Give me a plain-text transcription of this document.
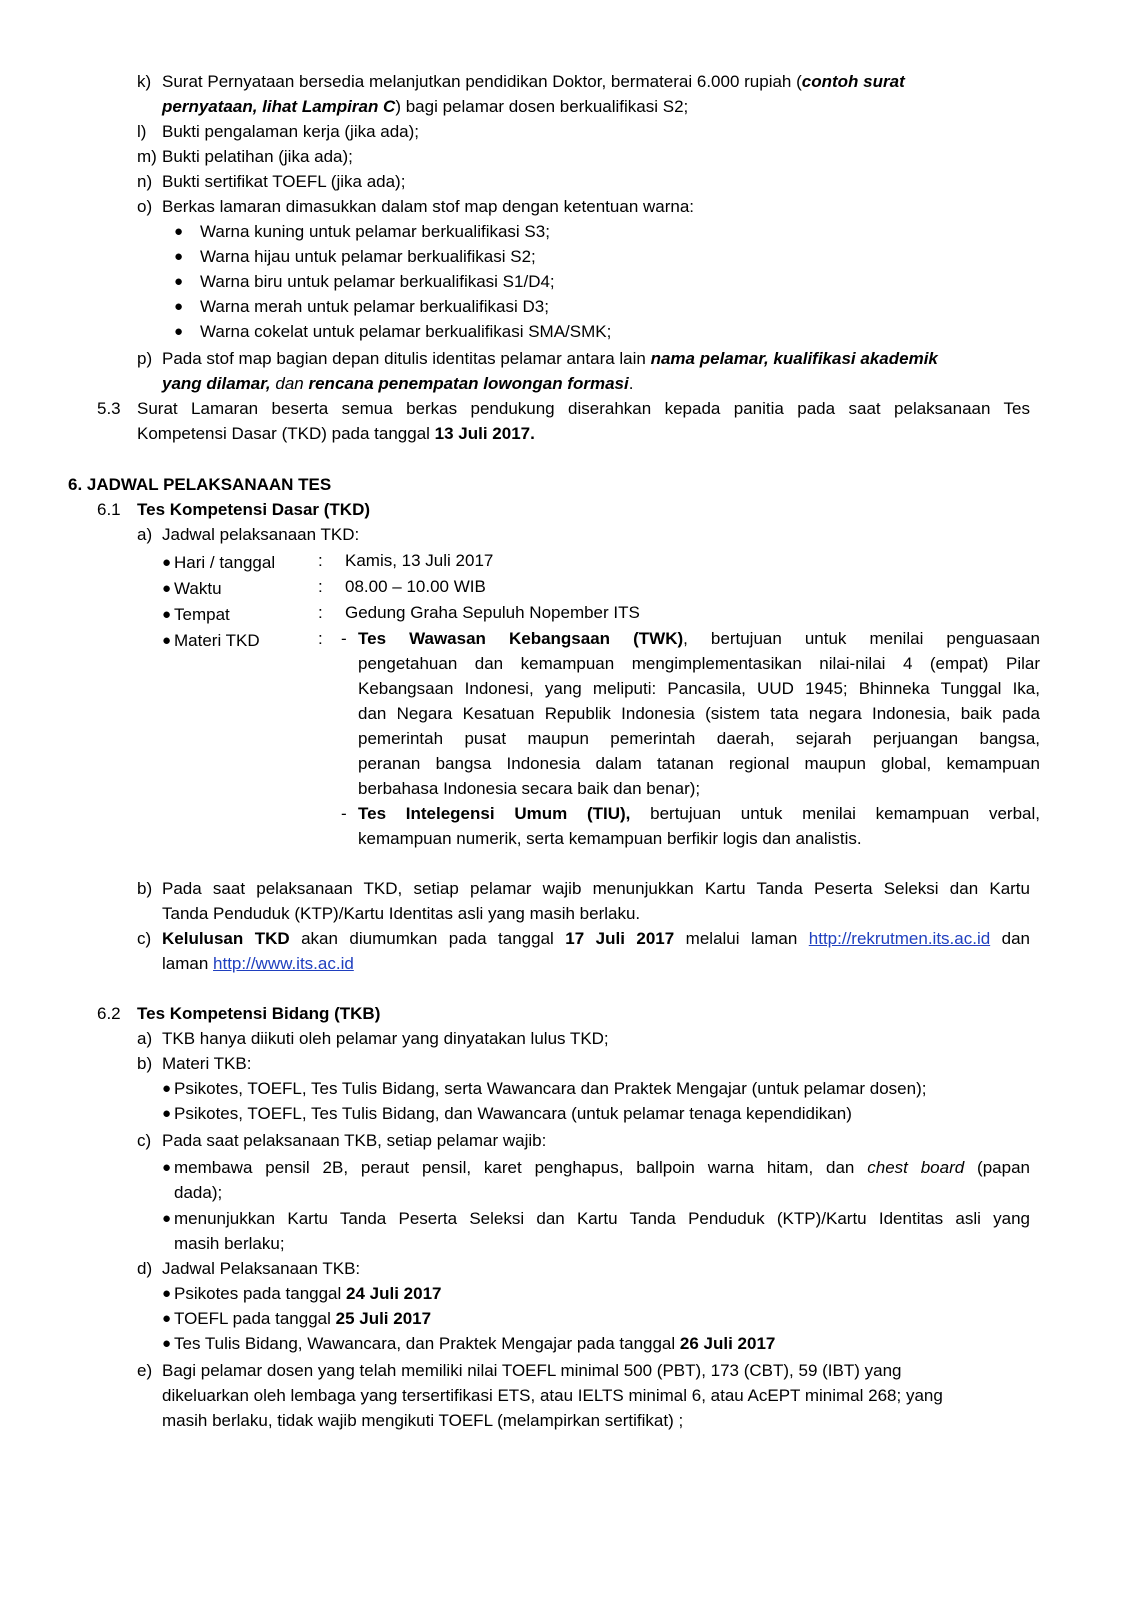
k) Surat Pernyataan bersedia melanjutkan pendidikan Doktor, bermaterai 6.000 rupiah (contoh surat
pernyataan, lihat Lampiran C) bagi pelamar dosen berkualifikasi S2;
l) Bukti pengalaman kerja (jika ada);
m) Bukti pelatihan (jika ada);
n) Bukti sertifikat TOEFL (jika ada);
o) Berkas lamaran dimasukkan dalam stof map dengan ketentuan warna:
● Warna kuning untuk pelamar berkualifikasi S3;
● Warna hijau untuk pelamar berkualifikasi S2;
● Warna biru untuk pelamar berkualifikasi S1/D4;
● Warna merah untuk pelamar berkualifikasi D3;
● Warna cokelat untuk pelamar berkualifikasi SMA/SMK;
p) Pada stof map bagian depan ditulis identitas pelamar antara lain nama pelamar, kualifikasi akademik
yang dilamar, dan rencana penempatan lowongan formasi.
5.3 Surat Lamaran beserta semua berkas pendukung diserahkan kepada panitia pada saat pelaksanaan Tes
Kompetensi Dasar (TKD) pada tanggal 13 Juli 2017.
6. JADWAL PELAKSANAAN TES
6.1 Tes Kompetensi Dasar (TKD)
a) Jadwal pelaksanaan TKD:
● Hari / tanggal	: Kamis, 13 Juli 2017
● Waktu	: 08.00 – 10.00 WIB
● Tempat	: Gedung Graha Sepuluh Nopember ITS
● Materi TKD	: - Tes Wawasan Kebangsaan (TWK), bertujuan untuk menilai penguasaan
pengetahuan dan kemampuan mengimplementasikan nilai-nilai 4 (empat) Pilar
Kebangsaan Indonesi, yang meliputi: Pancasila, UUD 1945; Bhinneka Tunggal Ika,
dan Negara Kesatuan Republik Indonesia (sistem tata negara Indonesia, baik pada
pemerintah pusat maupun pemerintah daerah, sejarah perjuangan bangsa,
peranan bangsa Indonesia dalam tatanan regional maupun global, kemampuan
berbahasa Indonesia secara baik dan benar);
- Tes Intelegensi Umum (TIU), bertujuan untuk menilai kemampuan verbal,
kemampuan numerik, serta kemampuan berfikir logis dan analistis.
b) Pada saat pelaksanaan TKD, setiap pelamar wajib menunjukkan Kartu Tanda Peserta Seleksi dan Kartu
Tanda Penduduk (KTP)/Kartu Identitas asli yang masih berlaku.
c) Kelulusan TKD akan diumumkan pada tanggal 17 Juli 2017 melalui laman http://rekrutmen.its.ac.id dan
laman http://www.its.ac.id
6.2 Tes Kompetensi Bidang (TKB)
a) TKB hanya diikuti oleh pelamar yang dinyatakan lulus TKD;
b) Materi TKB:
● Psikotes, TOEFL, Tes Tulis Bidang, serta Wawancara dan Praktek Mengajar (untuk pelamar dosen);
● Psikotes, TOEFL, Tes Tulis Bidang, dan Wawancara (untuk pelamar tenaga kependidikan)
c) Pada saat pelaksanaan TKB, setiap pelamar wajib:
● membawa pensil 2B, peraut pensil, karet penghapus, ballpoin warna hitam, dan chest board (papan
dada);
● menunjukkan Kartu Tanda Peserta Seleksi dan Kartu Tanda Penduduk (KTP)/Kartu Identitas asli yang
masih berlaku;
d) Jadwal Pelaksanaan TKB:
● Psikotes pada tanggal 24 Juli 2017
● TOEFL pada tanggal 25 Juli 2017
● Tes Tulis Bidang, Wawancara, dan Praktek Mengajar pada tanggal 26 Juli 2017
e) Bagi pelamar dosen yang telah memiliki nilai TOEFL minimal 500 (PBT), 173 (CBT), 59 (IBT) yang
dikeluarkan oleh lembaga yang tersertifikasi ETS, atau IELTS minimal 6, atau AcEPT minimal 268; yang
masih berlaku, tidak wajib mengikuti TOEFL (melampirkan sertifikat) ;
